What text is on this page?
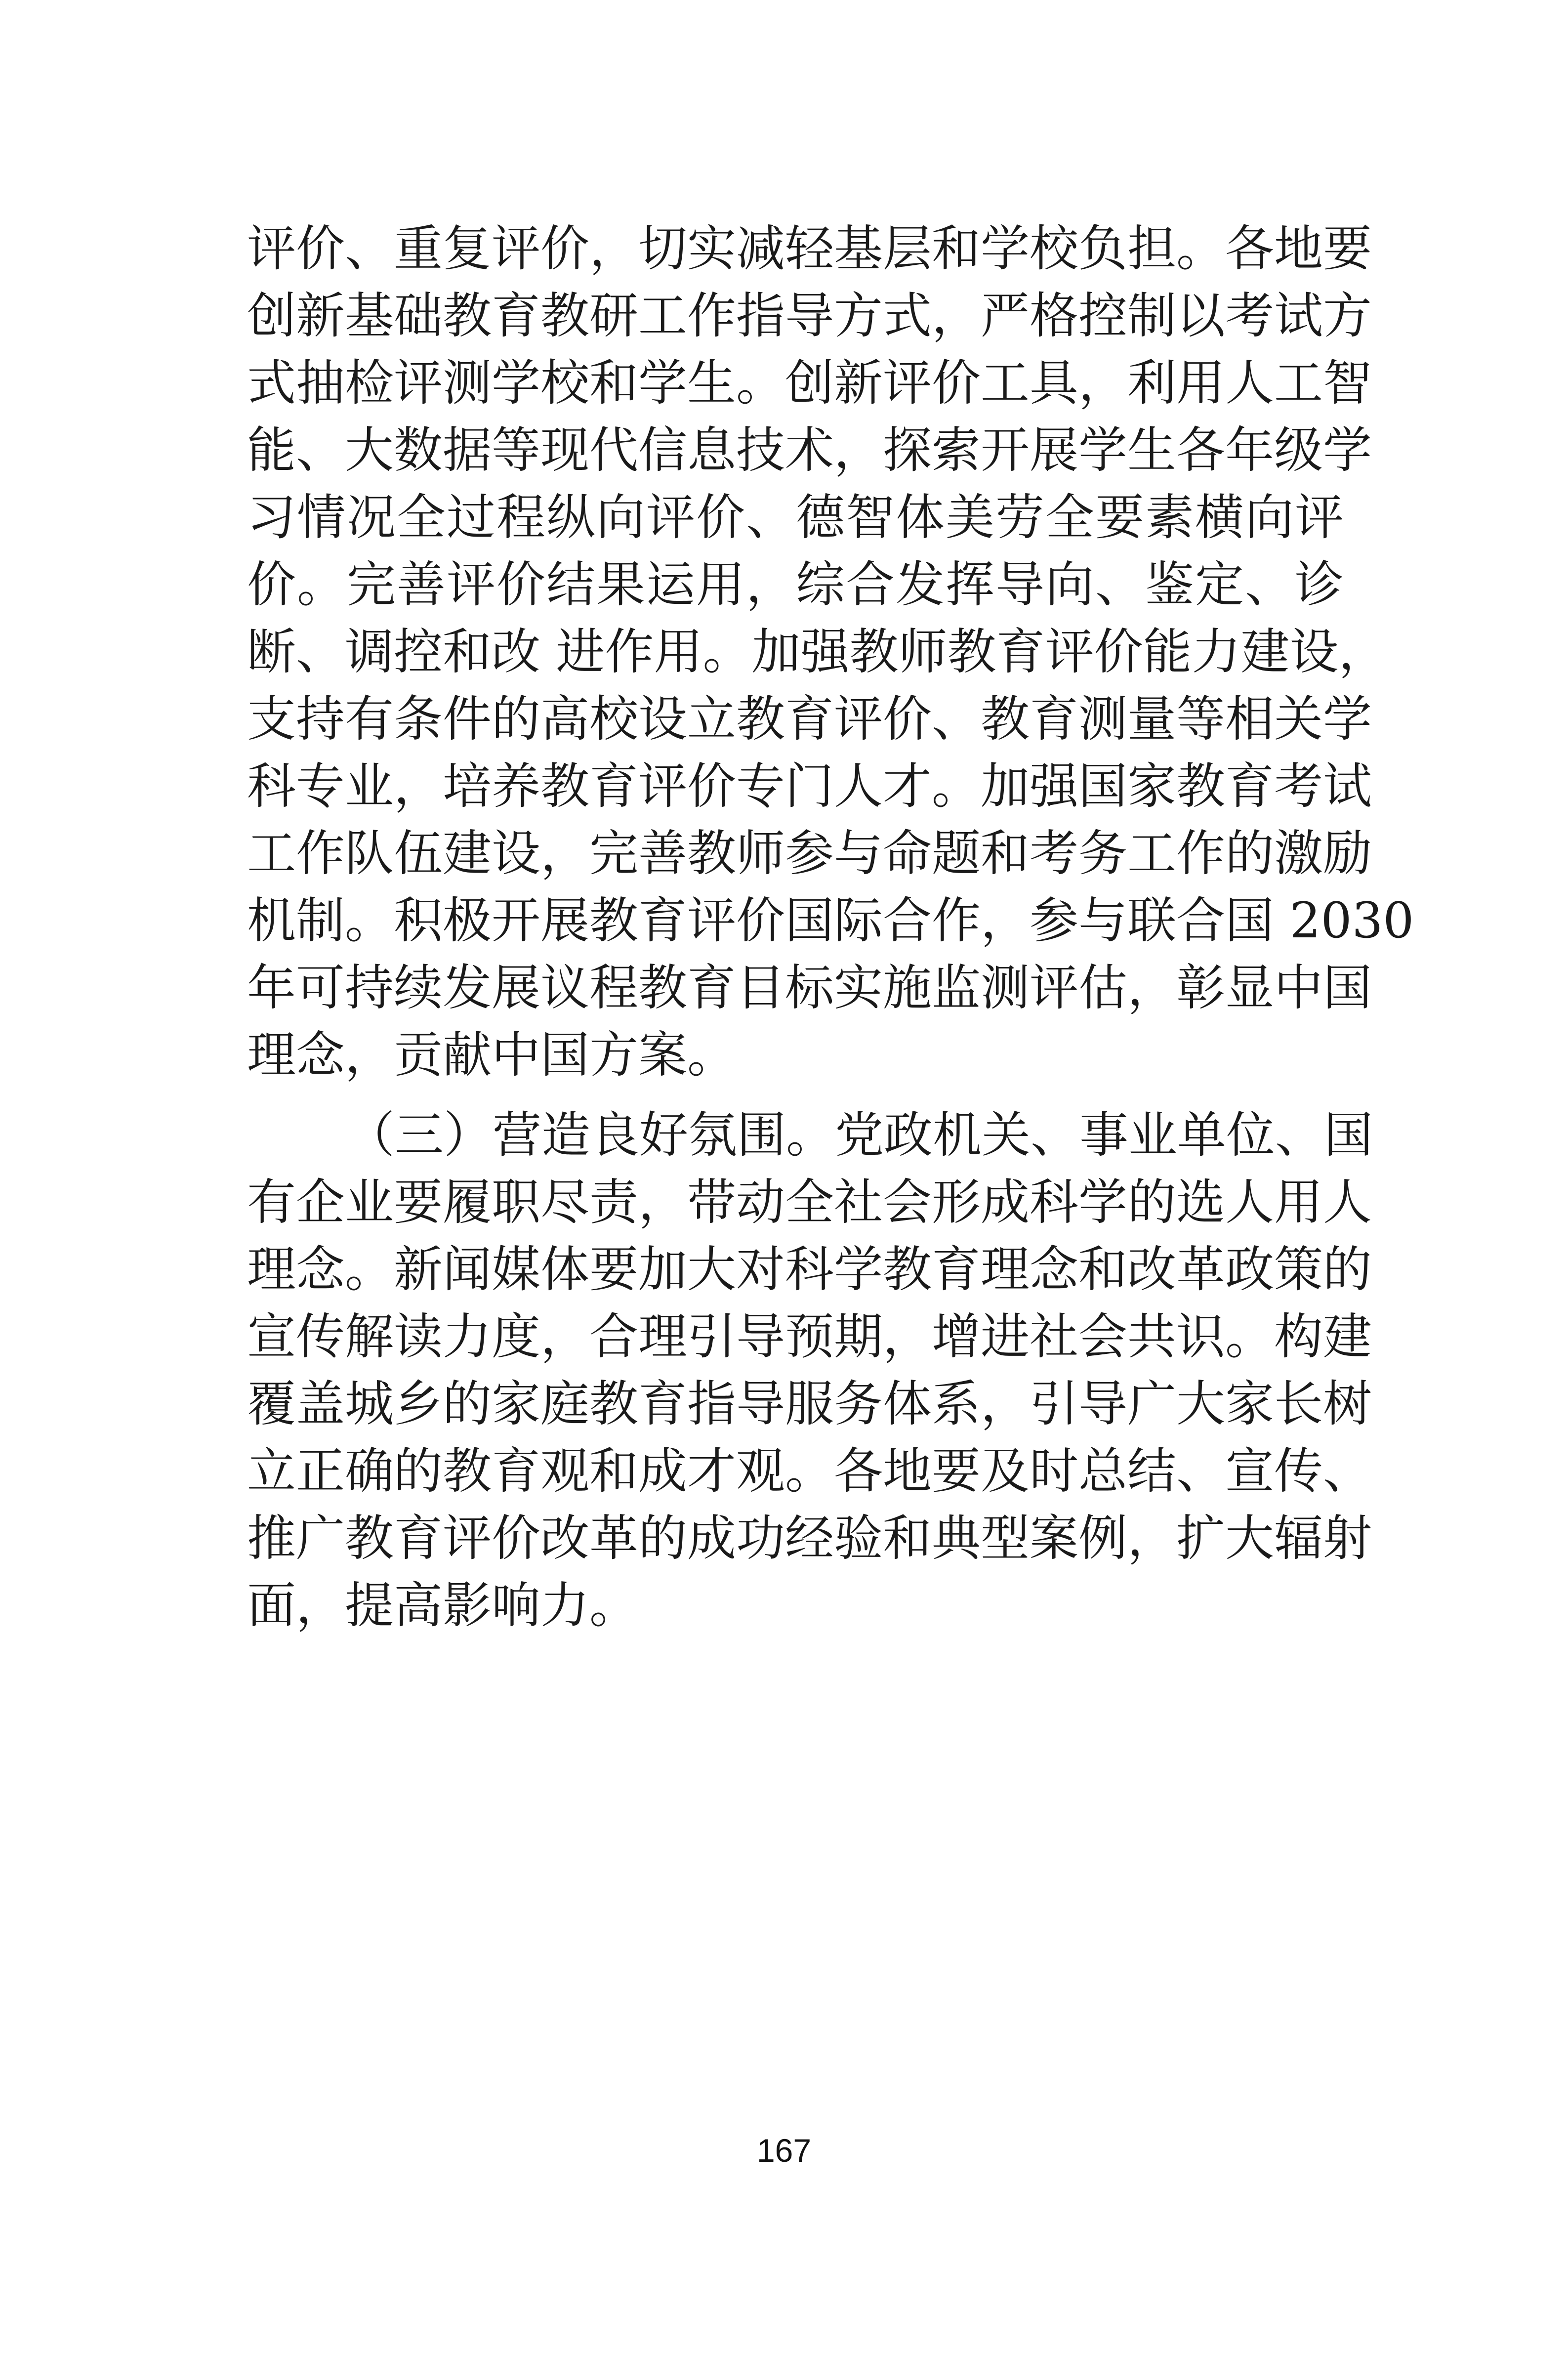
评价、重复评价，切实减轻基层和学校负担。各地要
创新基础教育教研工作指导方式，严格控制以考试方
式抽检评测学校和学生。创新评价工具，利用人工智
能、大数据等现代信息技术，探索开展学生各年级学
习情况全过程纵向评价、德智体美劳全要素横向评
价。完善评价结果运用，综合发挥导向、鉴定、诊
断、调控和改 进作用。加强教师教育评价能力建设，
支持有条件的高校设立教育评价、教育测量等相关学
科专业，培养教育评价专门人才。加强国家教育考试
工作队伍建设，完善教师参与命题和考务工作的激励
机制。积极开展教育评价国际合作，参与联合国 2030
年可持续发展议程教育目标实施监测评估，彰显中国
理念，贡献中国方案。
（三）营造良好氛围。党政机关、事业单位、国
有企业要履职尽责，带动全社会形成科学的选人用人
理念。新闻媒体要加大对科学教育理念和改革政策的
宣传解读力度，合理引导预期，增进社会共识。构建
覆盖城乡的家庭教育指导服务体系，引导广大家长树
立正确的教育观和成才观。各地要及时总结、宣传、
推广教育评价改革的成功经验和典型案例，扩大辐射
面，提高影响力。
167
